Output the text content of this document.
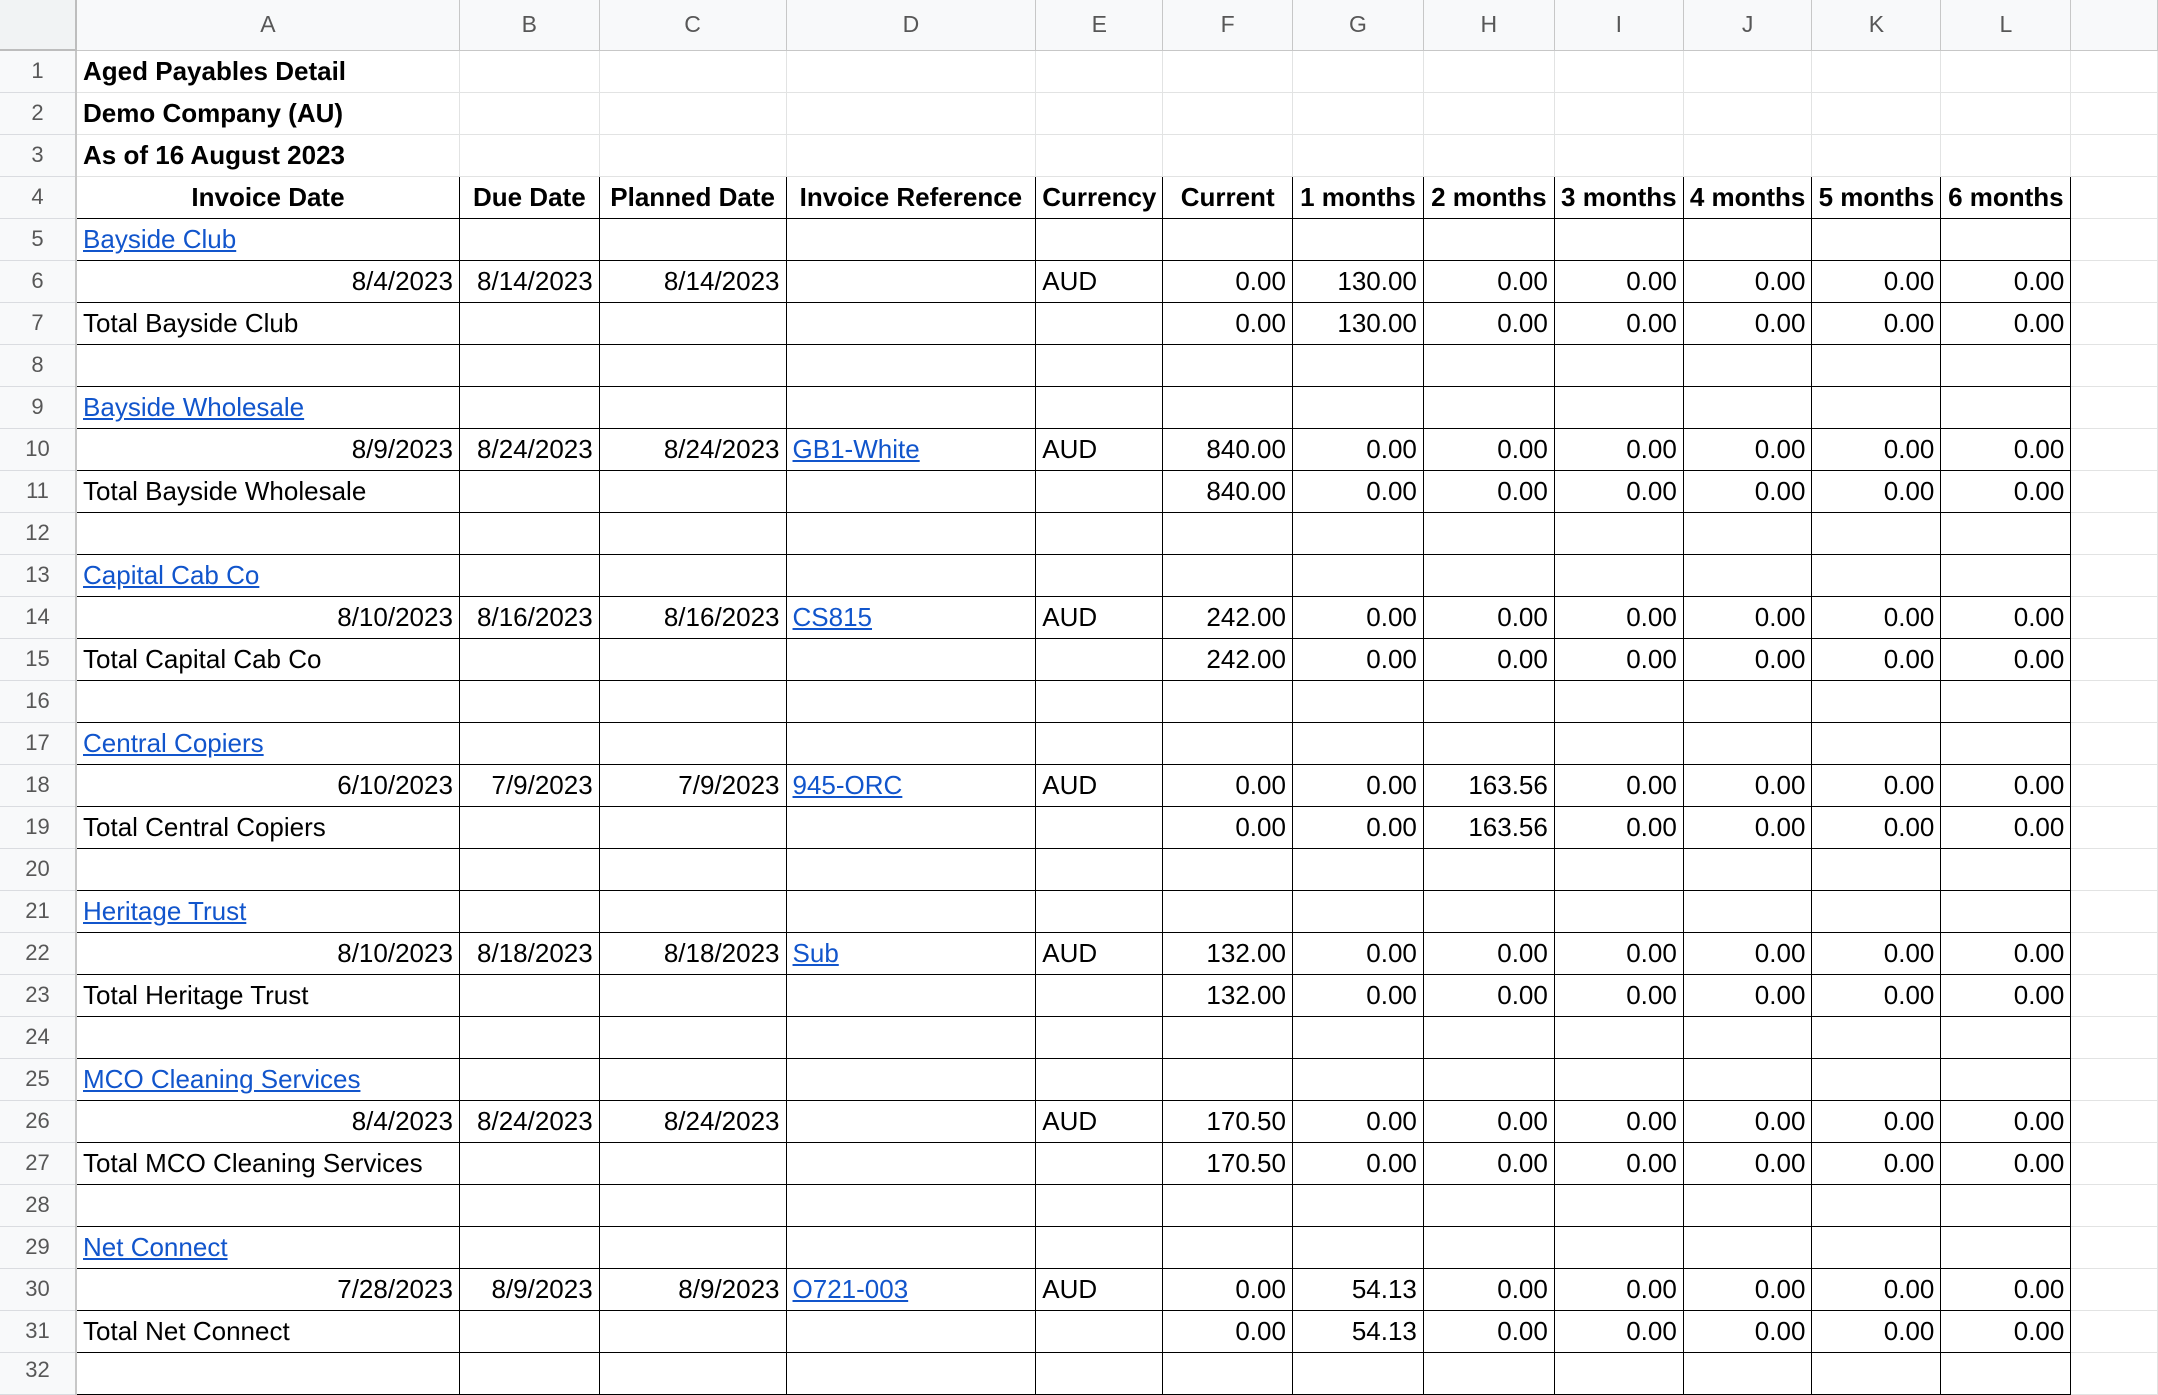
	A	B	C	D	E	F	G	H	I	J	K	L	
1	Aged Payables Detail												
2	Demo Company (AU)												
3	As of 16 August 2023												
4	Invoice Date	Due Date	Planned Date	Invoice Reference	Currency	Current	1 months	2 months	3 months	4 months	5 months	6 months	
5	Bayside Club												
6	8/4/2023	8/14/2023	8/14/2023		AUD	0.00	130.00	0.00	0.00	0.00	0.00	0.00	
7	Total Bayside Club					0.00	130.00	0.00	0.00	0.00	0.00	0.00	
8													
9	Bayside Wholesale												
10	8/9/2023	8/24/2023	8/24/2023	GB1-White	AUD	840.00	0.00	0.00	0.00	0.00	0.00	0.00	
11	Total Bayside Wholesale					840.00	0.00	0.00	0.00	0.00	0.00	0.00	
12													
13	Capital Cab Co												
14	8/10/2023	8/16/2023	8/16/2023	CS815	AUD	242.00	0.00	0.00	0.00	0.00	0.00	0.00	
15	Total Capital Cab Co					242.00	0.00	0.00	0.00	0.00	0.00	0.00	
16													
17	Central Copiers												
18	6/10/2023	7/9/2023	7/9/2023	945-ORC	AUD	0.00	0.00	163.56	0.00	0.00	0.00	0.00	
19	Total Central Copiers					0.00	0.00	163.56	0.00	0.00	0.00	0.00	
20													
21	Heritage Trust												
22	8/10/2023	8/18/2023	8/18/2023	Sub	AUD	132.00	0.00	0.00	0.00	0.00	0.00	0.00	
23	Total Heritage Trust					132.00	0.00	0.00	0.00	0.00	0.00	0.00	
24													
25	MCO Cleaning Services												
26	8/4/2023	8/24/2023	8/24/2023		AUD	170.50	0.00	0.00	0.00	0.00	0.00	0.00	
27	Total MCO Cleaning Services					170.50	0.00	0.00	0.00	0.00	0.00	0.00	
28													
29	Net Connect												
30	7/28/2023	8/9/2023	8/9/2023	O721-003	AUD	0.00	54.13	0.00	0.00	0.00	0.00	0.00	
31	Total Net Connect					0.00	54.13	0.00	0.00	0.00	0.00	0.00	
32													
